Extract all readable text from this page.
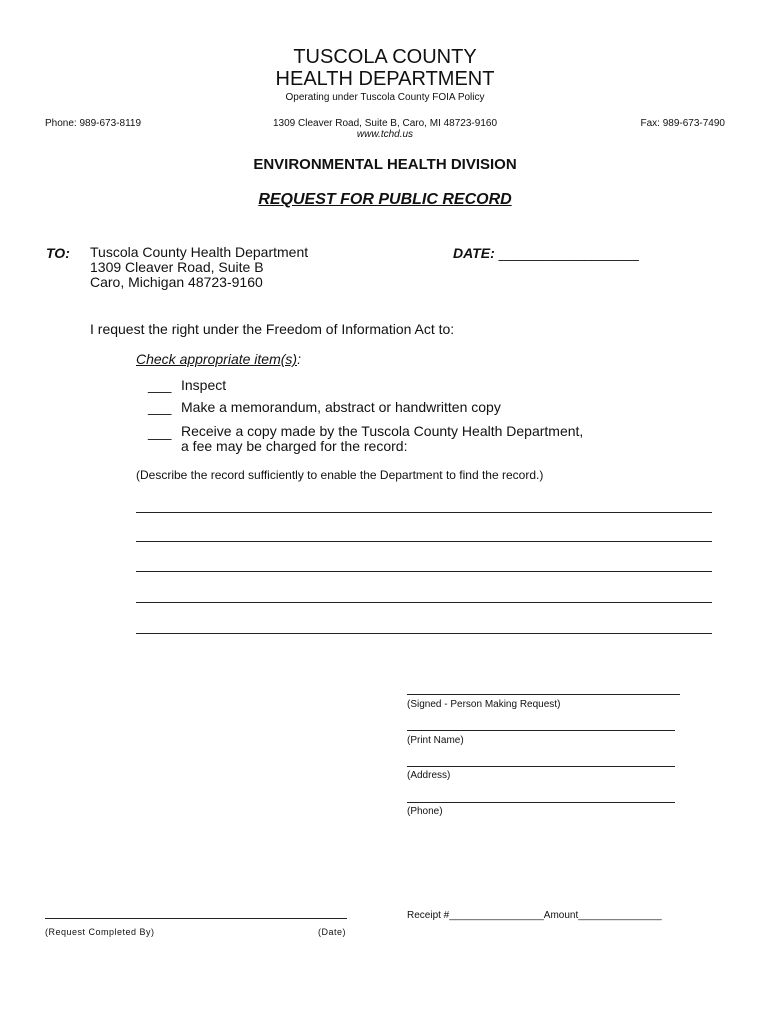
TUSCOLA COUNTY
HEALTH DEPARTMENT
Operating under Tuscola County FOIA Policy
Phone: 989-673-8119	1309 Cleaver Road, Suite B, Caro, MI 48723-9160
www.tchd.us
Fax: 989-673-7490
ENVIRONMENTAL HEALTH DIVISION
REQUEST FOR PUBLIC RECORD
TO: Tuscola County Health Department
1309 Cleaver Road, Suite B
Caro, Michigan 48723-9160
DATE: __________________
I request the right under the Freedom of Information Act to:
Check appropriate item(s):
___ Inspect
___ Make a memorandum, abstract or handwritten copy
___ Receive a copy made by the Tuscola County Health Department,
a fee may be charged for the record:
(Describe the record sufficiently to enable the Department to find the record.)
(Signed - Person Making Request)
(Print Name)
(Address)
(Phone)
(Request Completed By)	(Date)
Receipt #_________________Amount_______________
